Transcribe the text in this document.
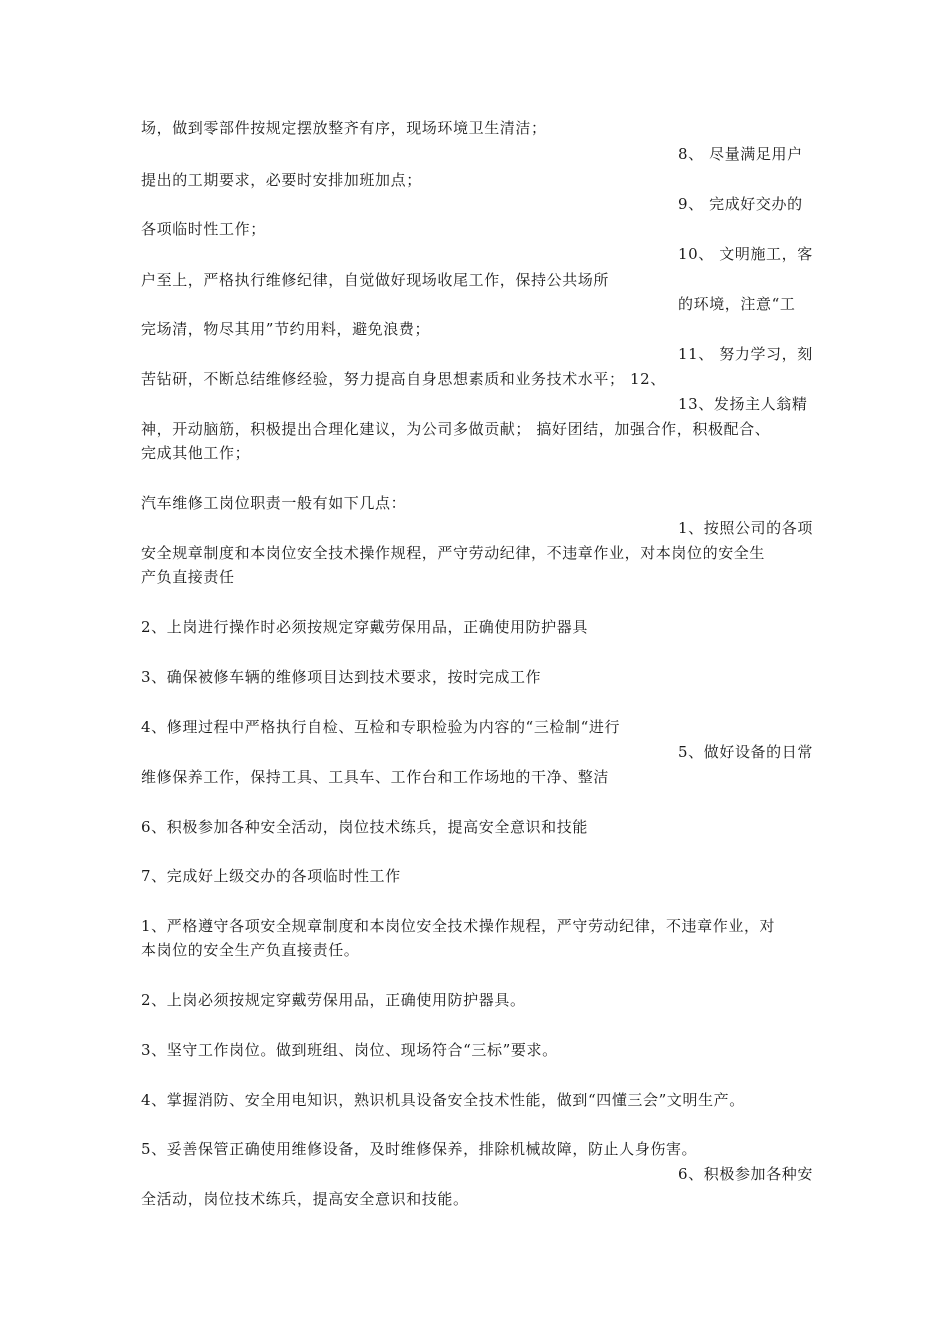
场，做到零部件按规定摆放整齐有序，现场环境卫生清洁；
8、 尽量满足用户
提出的工期要求，必要时安排加班加点；
9、 完成好交办的
各项临时性工作；
10、 文明施工，客
户至上，严格执行维修纪律，自觉做好现场收尾工作，保持公共场所
的环境，注意“工
完场清，物尽其用”节约用料，避免浪费；
11、 努力学习，刻
苦钻研，不断总结维修经验，努力提高自身思想素质和业务技术水平； 12、
13、发扬主人翁精
神，开动脑筋，积极提出合理化建议，为公司多做贡献； 搞好团结，加强合作，积极配合、
完成其他工作；
汽车维修工岗位职责一般有如下几点：
1、按照公司的各项
安全规章制度和本岗位安全技术操作规程，严守劳动纪律，不违章作业，对本岗位的安全生
产负直接责任
2、上岗进行操作时必须按规定穿戴劳保用品，正确使用防护器具
3、确保被修车辆的维修项目达到技术要求，按时完成工作
4、修理过程中严格执行自检、互检和专职检验为内容的“三检制“进行
5、做好设备的日常
维修保养工作，保持工具、工具车、工作台和工作场地的干净、整洁
6、积极参加各种安全活动，岗位技术练兵，提高安全意识和技能
7、完成好上级交办的各项临时性工作
1、严格遵守各项安全规章制度和本岗位安全技术操作规程，严守劳动纪律，不违章作业，对
本岗位的安全生产负直接责任。
2、上岗必须按规定穿戴劳保用品，正确使用防护器具。
3、坚守工作岗位。做到班组、岗位、现场符合“三标”要求。
4、掌握消防、安全用电知识，熟识机具设备安全技术性能，做到“四懂三会”文明生产。
5、妥善保管正确使用维修设备，及时维修保养，排除机械故障，防止人身伤害。
6、积极参加各种安
全活动，岗位技术练兵，提高安全意识和技能。
